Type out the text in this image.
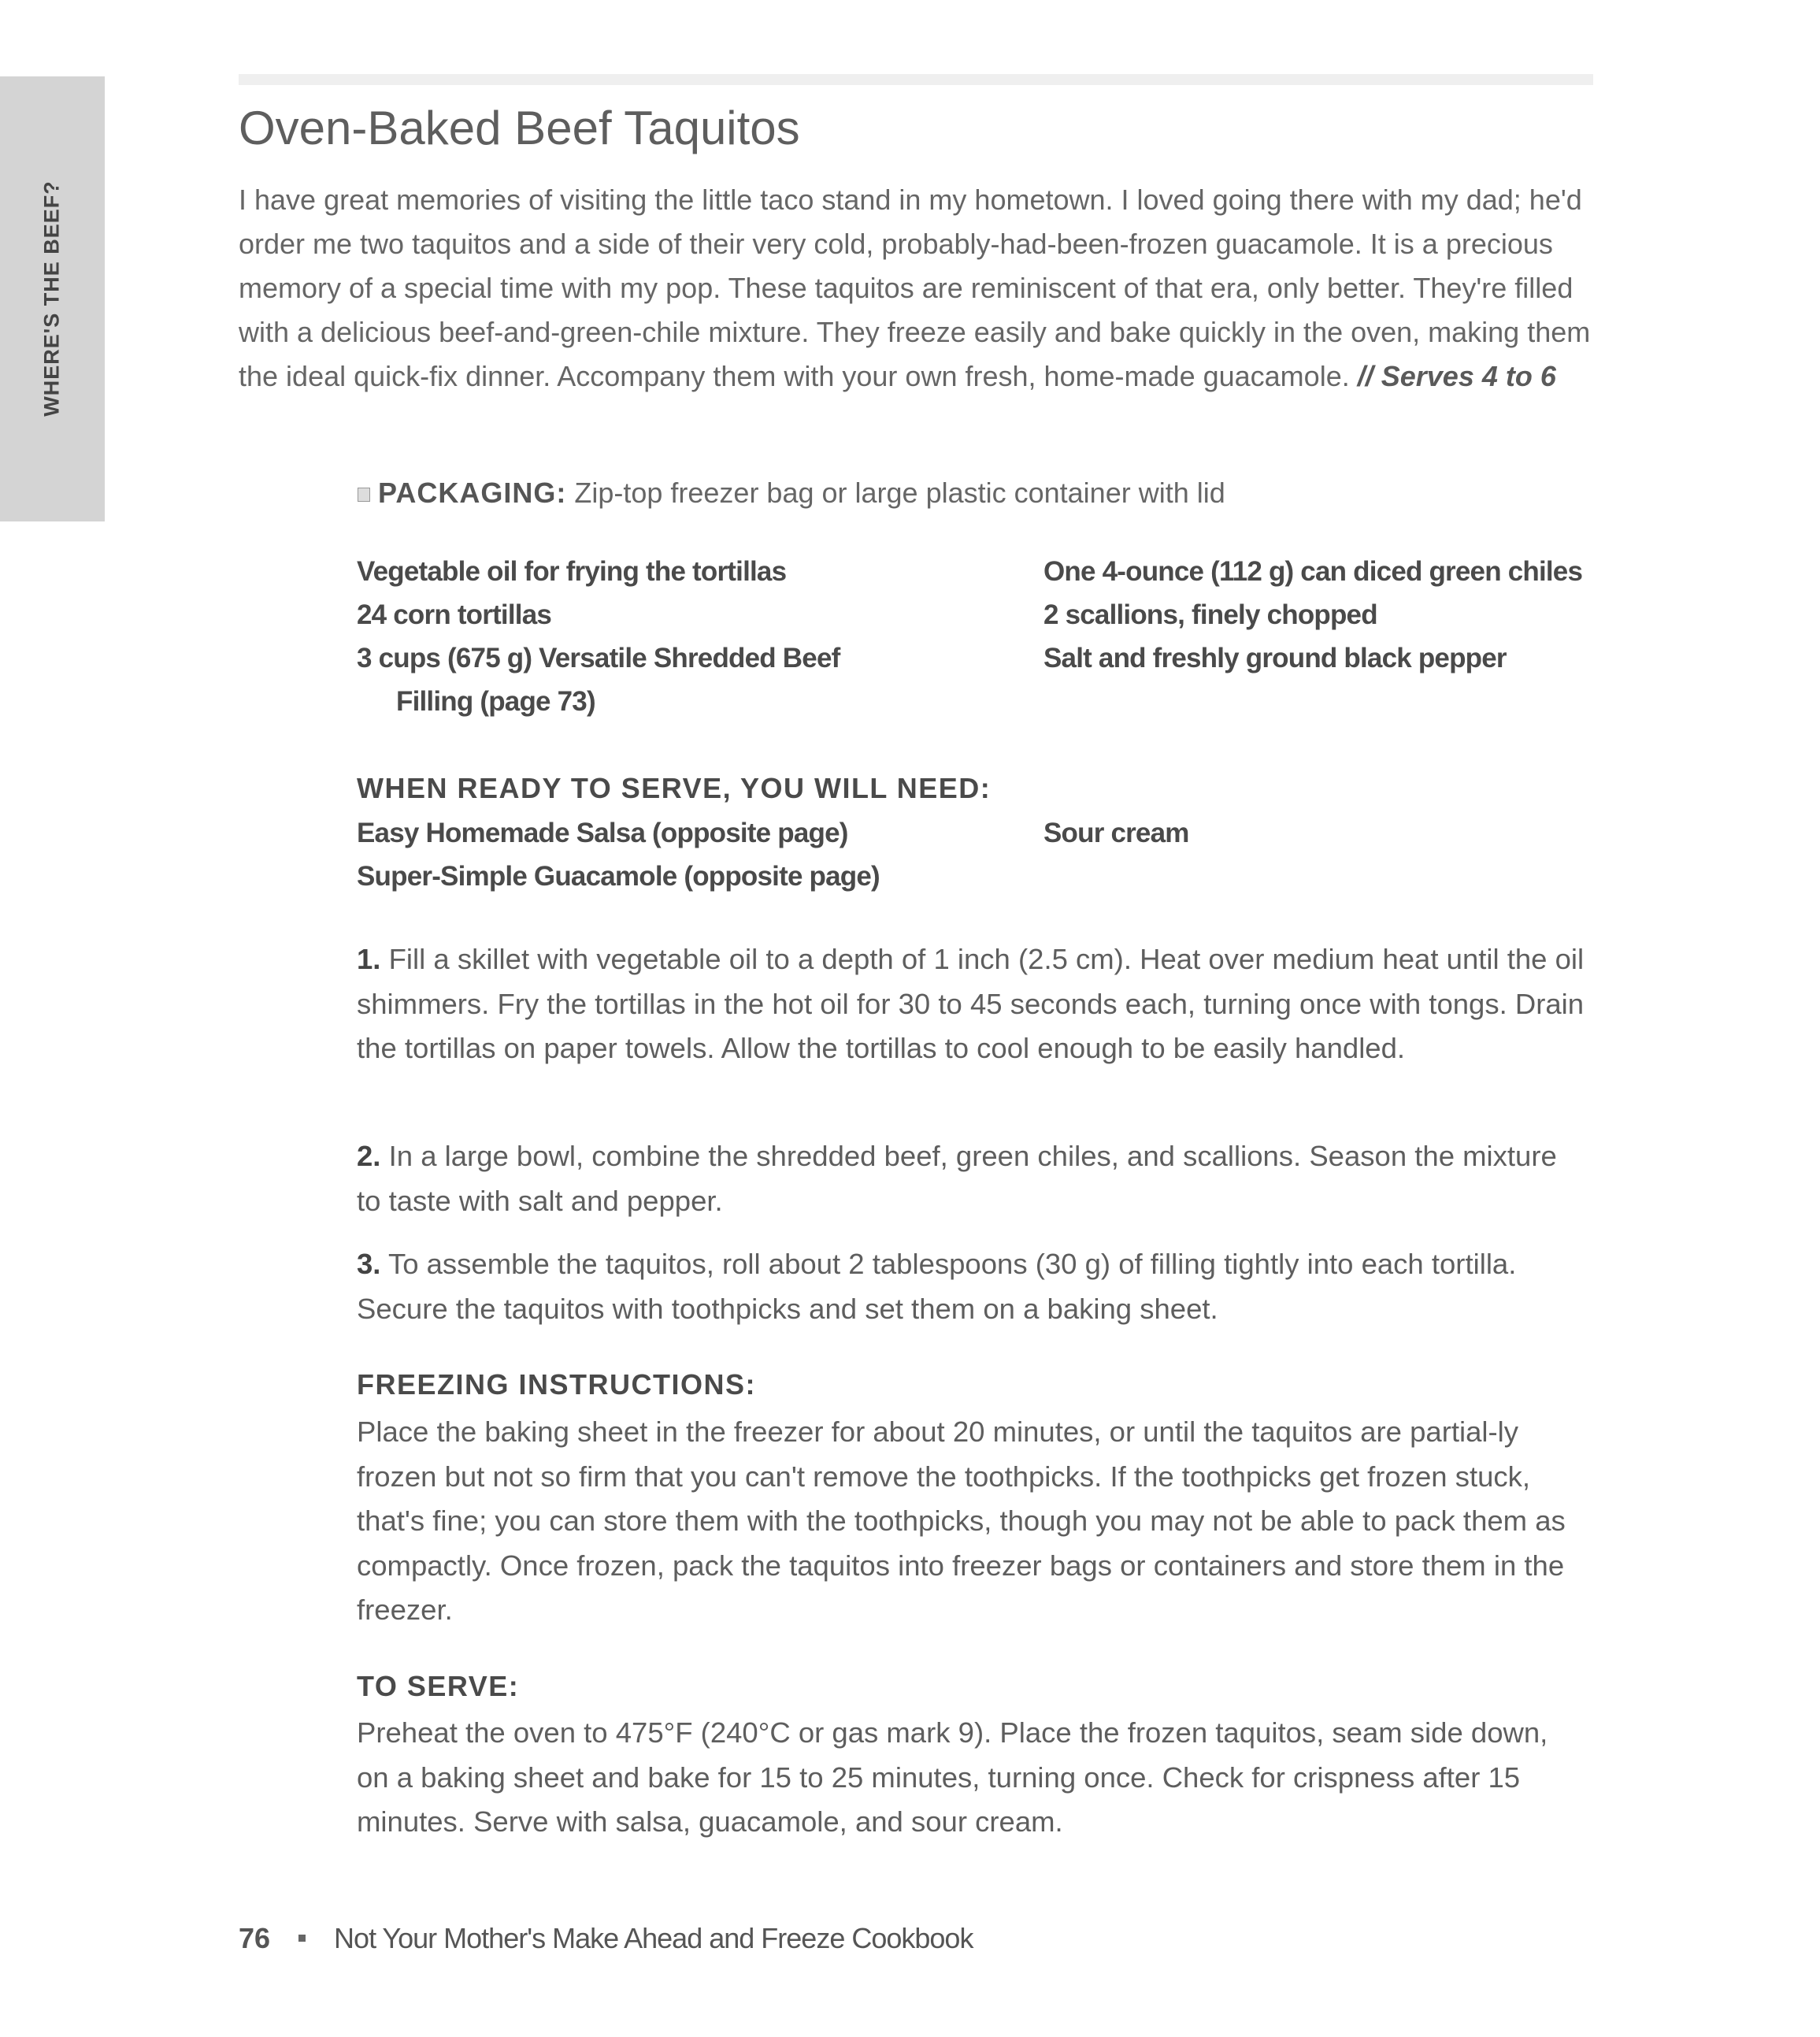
WHERE'S THE BEEF?
Oven-Baked Beef Taquitos
I have great memories of visiting the little taco stand in my hometown. I loved going there with my dad; he'd order me two taquitos and a side of their very cold, probably-had-been-frozen guacamole. It is a precious memory of a special time with my pop. These taquitos are reminiscent of that era, only better. They're filled with a delicious beef-and-green-chile mixture. They freeze easily and bake quickly in the oven, making them the ideal quick-fix dinner. Accompany them with your own fresh, home-made guacamole. // Serves 4 to 6
PACKAGING: Zip-top freezer bag or large plastic container with lid
Vegetable oil for frying the tortillas
24 corn tortillas
3 cups (675 g) Versatile Shredded Beef
Filling (page 73)
One 4-ounce (112 g) can diced green chiles
2 scallions, finely chopped
Salt and freshly ground black pepper
WHEN READY TO SERVE, YOU WILL NEED:
Easy Homemade Salsa (opposite page)
Super-Simple Guacamole (opposite page)
Sour cream
1. Fill a skillet with vegetable oil to a depth of 1 inch (2.5 cm). Heat over medium heat until the oil shimmers. Fry the tortillas in the hot oil for 30 to 45 seconds each, turning once with tongs. Drain the tortillas on paper towels. Allow the tortillas to cool enough to be easily handled.
2. In a large bowl, combine the shredded beef, green chiles, and scallions. Season the mixture to taste with salt and pepper.
3. To assemble the taquitos, roll about 2 tablespoons (30 g) of filling tightly into each tortilla. Secure the taquitos with toothpicks and set them on a baking sheet.
FREEZING INSTRUCTIONS:
Place the baking sheet in the freezer for about 20 minutes, or until the taquitos are partial-ly frozen but not so firm that you can't remove the toothpicks. If the toothpicks get frozen stuck, that's fine; you can store them with the toothpicks, though you may not be able to pack them as compactly. Once frozen, pack the taquitos into freezer bags or containers and store them in the freezer.
TO SERVE:
Preheat the oven to 475°F (240°C or gas mark 9). Place the frozen taquitos, seam side down, on a baking sheet and bake for 15 to 25 minutes, turning once. Check for crispness after 15 minutes. Serve with salsa, guacamole, and sour cream.
76 Not Your Mother's Make Ahead and Freeze Cookbook
